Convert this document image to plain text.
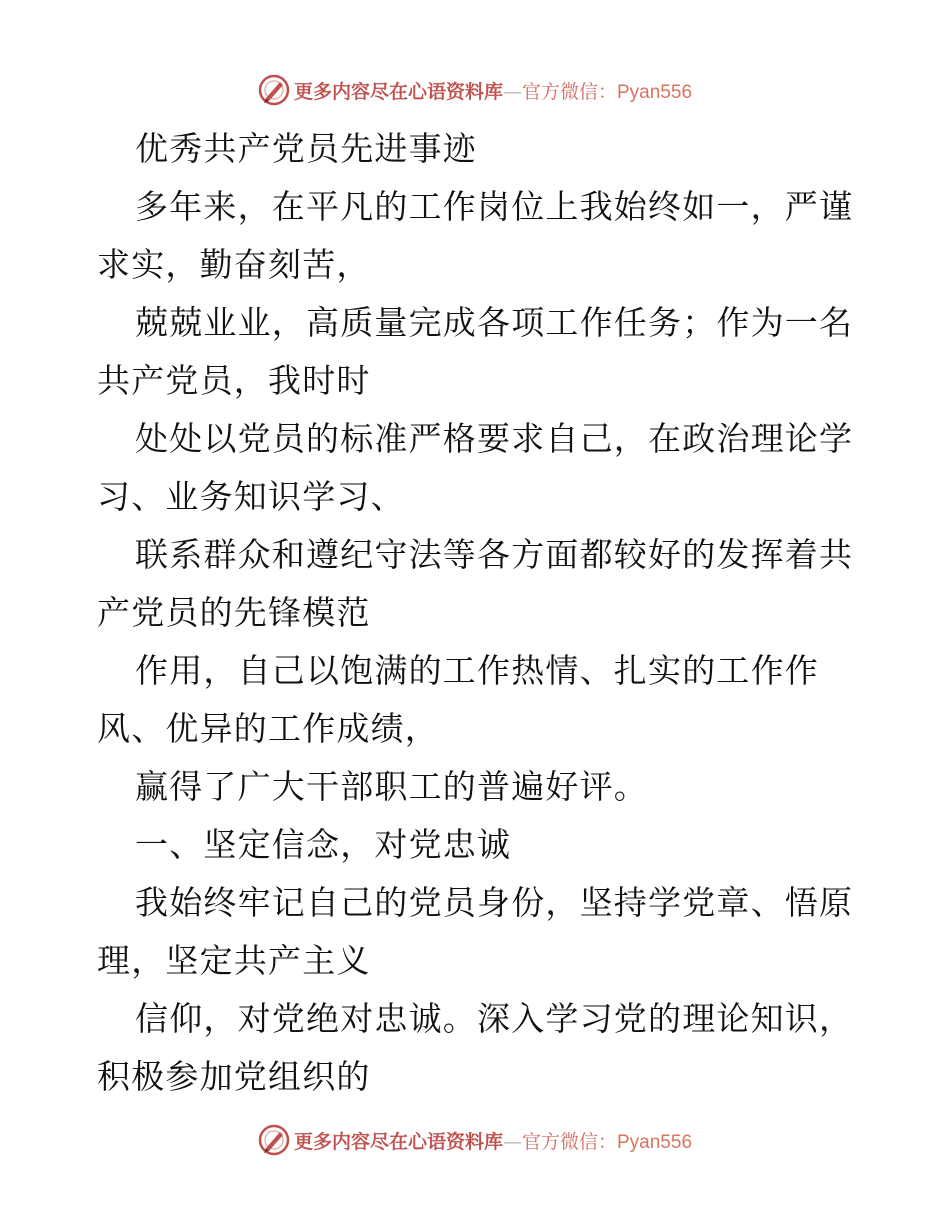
更多内容尽在心语资料库—官方微信：Pyan556
优秀共产党员先进事迹
多年来，在平凡的工作岗位上我始终如一，严谨
求实，勤奋刻苦，
兢兢业业，高质量完成各项工作任务；作为一名
共产党员，我时时
处处以党员的标准严格要求自己，在政治理论学
习、业务知识学习、
联系群众和遵纪守法等各方面都较好的发挥着共
产党员的先锋模范
作用，自己以饱满的工作热情、扎实的工作作
风、优异的工作成绩，
赢得了广大干部职工的普遍好评。
一、坚定信念，对党忠诚
我始终牢记自己的党员身份，坚持学党章、悟原
理，坚定共产主义
信仰，对党绝对忠诚。深入学习党的理论知识，
积极参加党组织的
更多内容尽在心语资料库—官方微信：Pyan556
